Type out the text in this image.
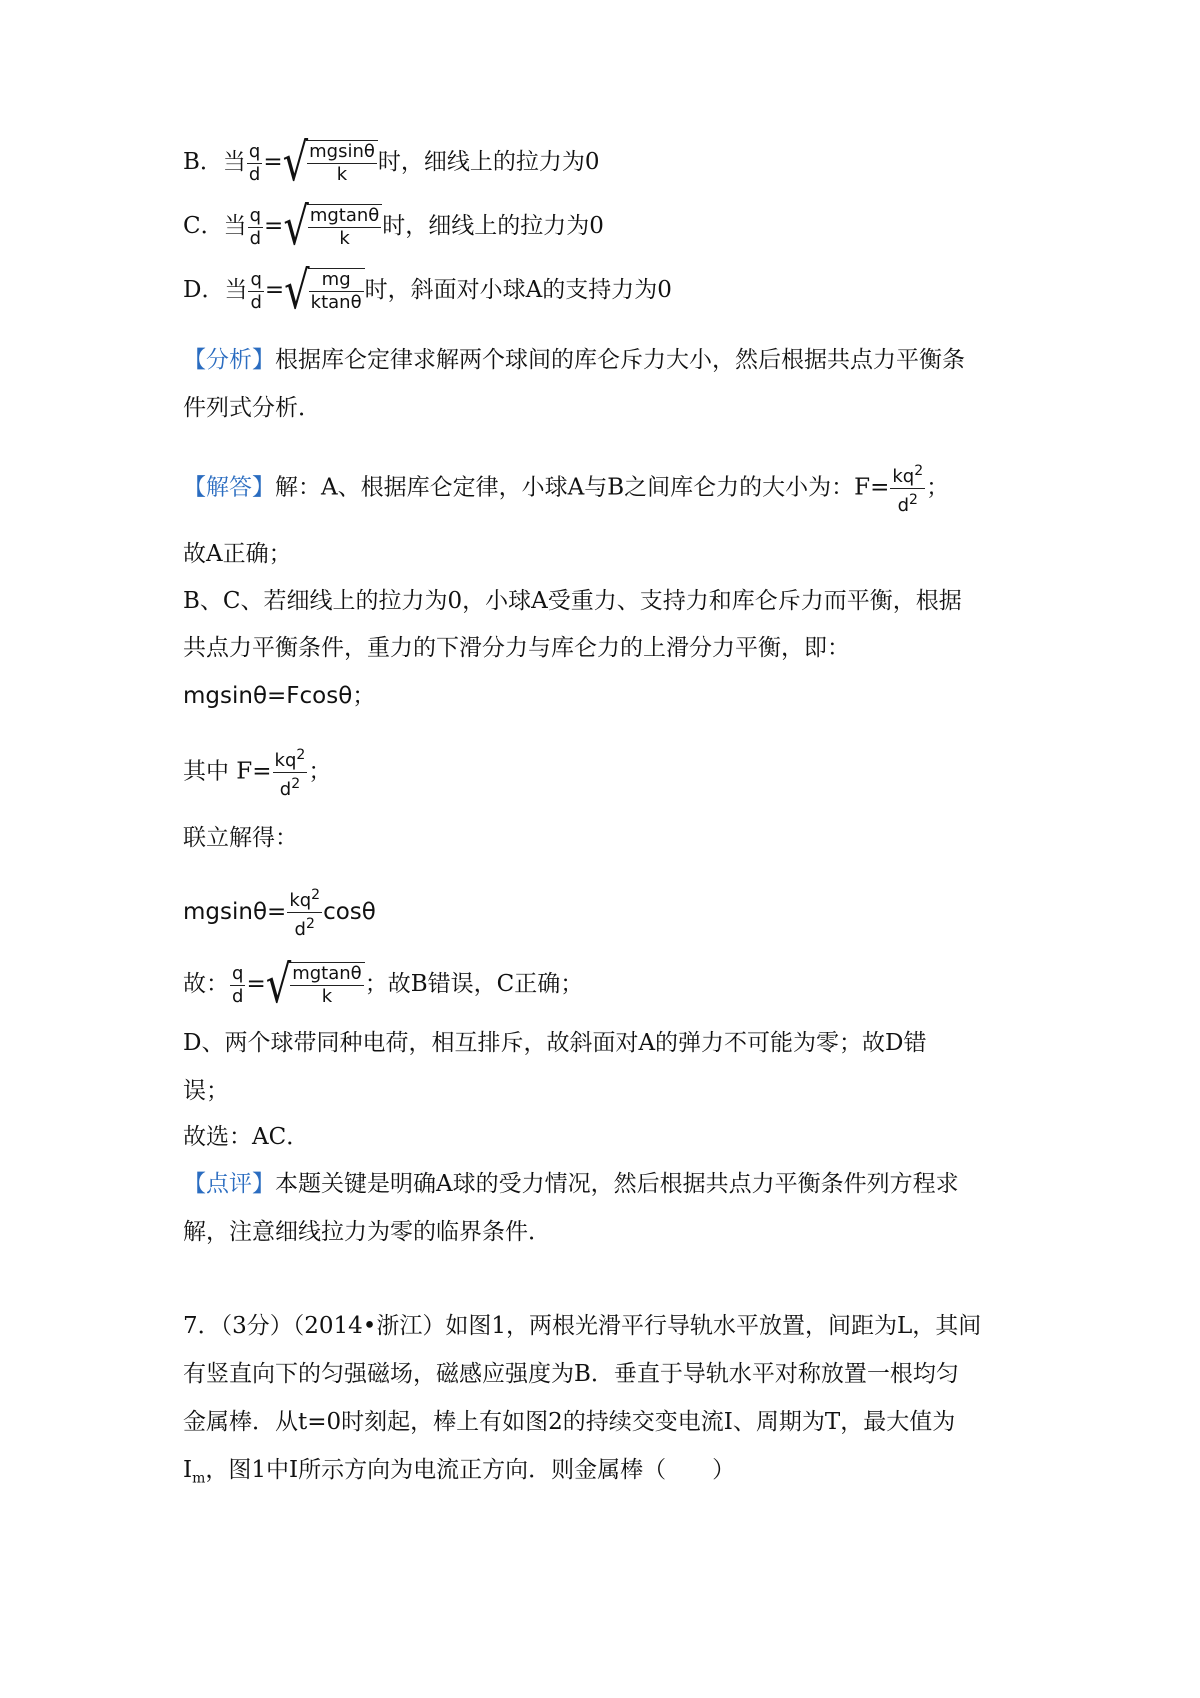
B．当 $\frac{q}{d}$ =√ $\frac{mgsin\theta}{k}$ 时，细线上的拉力为0
C．当 $\frac{q}{d}$ =√ $\frac{mgtan\theta}{k}$ 时，细线上的拉力为0
D．当 $\frac{q}{d}$ =√ $\frac{mg}{ktan\theta}$ 时，斜面对小球A的支持力为0
【分析】根据库仑定律求解两个球间的库仑斥力大小，然后根据共点力平衡条
件列式分析．
【解答】解：A、根据库仑定律，小球A与B之间库仑力的大小为：$F= \frac{kq^2}{d^2}$ ；
故A正确；
B、C、若细线上的拉力为0，小球A受重力、支持力和库仑斥力而平衡，根据
共点力平衡条件，重力的下滑分力与库仑力的上滑分力平衡，即：
mgsinθ=Fcosθ；
其中 $F= \frac{kq^2}{d^2}$ ；
联立解得：
$mgsin\theta= \frac{kq^2}{d^2}$ cosθ
故： $\frac{q}{d}$ =√ $\frac{mgtan\theta}{k}$ ；故B错误，C正确；
D、两个球带同种电荷，相互排斥，故斜面对A的弹力不可能为零；故D错
误；
故选：AC．
【点评】本题关键是明确A球的受力情况，然后根据共点力平衡条件列方程求
解，注意细线拉力为零的临界条件．
7．（3分）（2014•浙江）如图1，两根光滑平行导轨水平放置，间距为L，其间
有竖直向下的匀强磁场，磁感应强度为B．垂直于导轨水平对称放置一根均匀
金属棒．从t=0时刻起，棒上有如图2的持续交变电流I、周期为T，最大值为
$I_m$，图1中I所示方向为电流正方向．则金属棒（　　）
